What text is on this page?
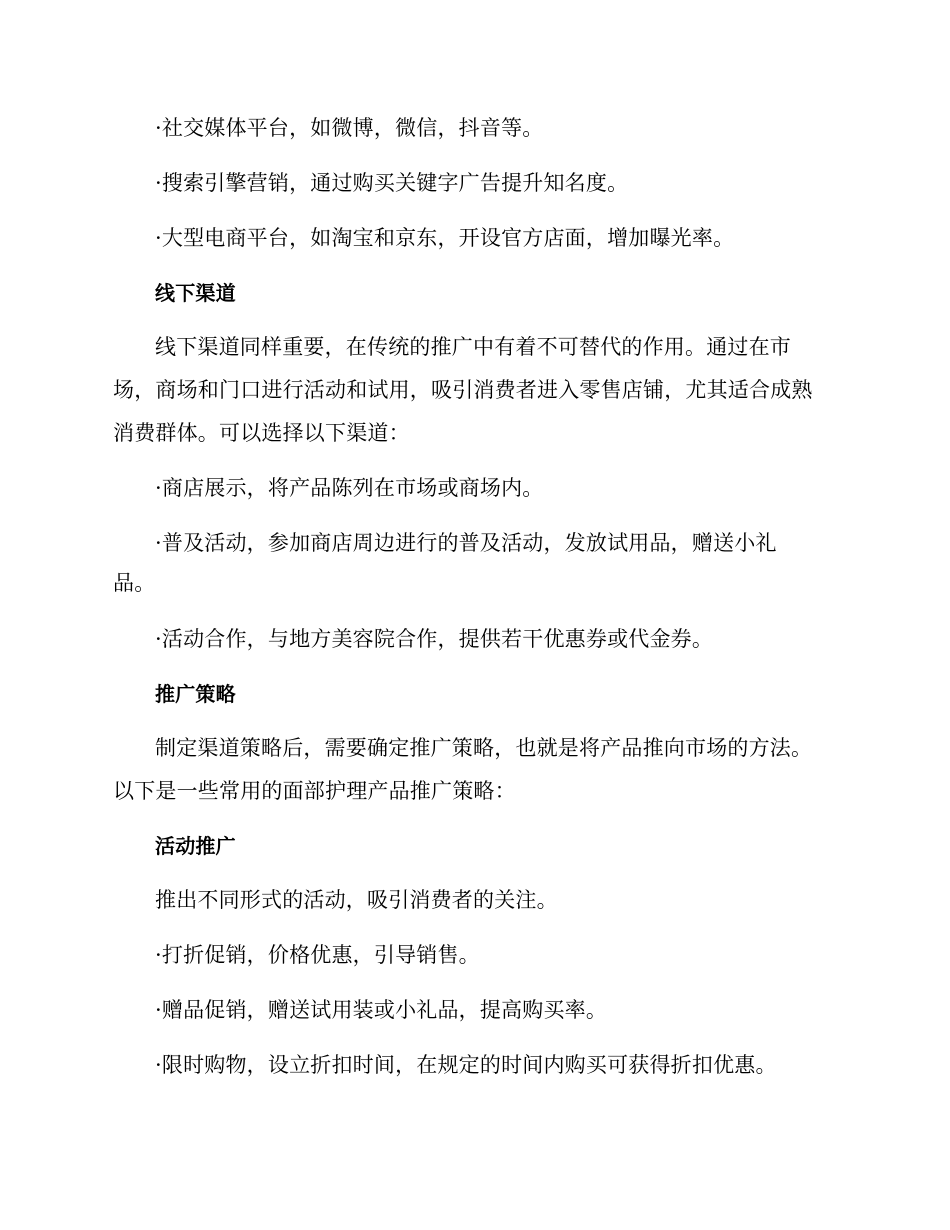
·社交媒体平台，如微博，微信，抖音等。
·搜索引擎营销，通过购买关键字广告提升知名度。
·大型电商平台，如淘宝和京东，开设官方店面，增加曝光率。
线下渠道
线下渠道同样重要，在传统的推广中有着不可替代的作用。通过在市
场，商场和门口进行活动和试用，吸引消费者进入零售店铺，尤其适合成熟
消费群体。可以选择以下渠道：
·商店展示，将产品陈列在市场或商场内。
·普及活动，参加商店周边进行的普及活动，发放试用品，赠送小礼
品。
·活动合作，与地方美容院合作，提供若干优惠券或代金券。
推广策略
制定渠道策略后，需要确定推广策略，也就是将产品推向市场的方法。
以下是一些常用的面部护理产品推广策略：
活动推广
推出不同形式的活动，吸引消费者的关注。
·打折促销，价格优惠，引导销售。
·赠品促销，赠送试用装或小礼品，提高购买率。
·限时购物，设立折扣时间，在规定的时间内购买可获得折扣优惠。
